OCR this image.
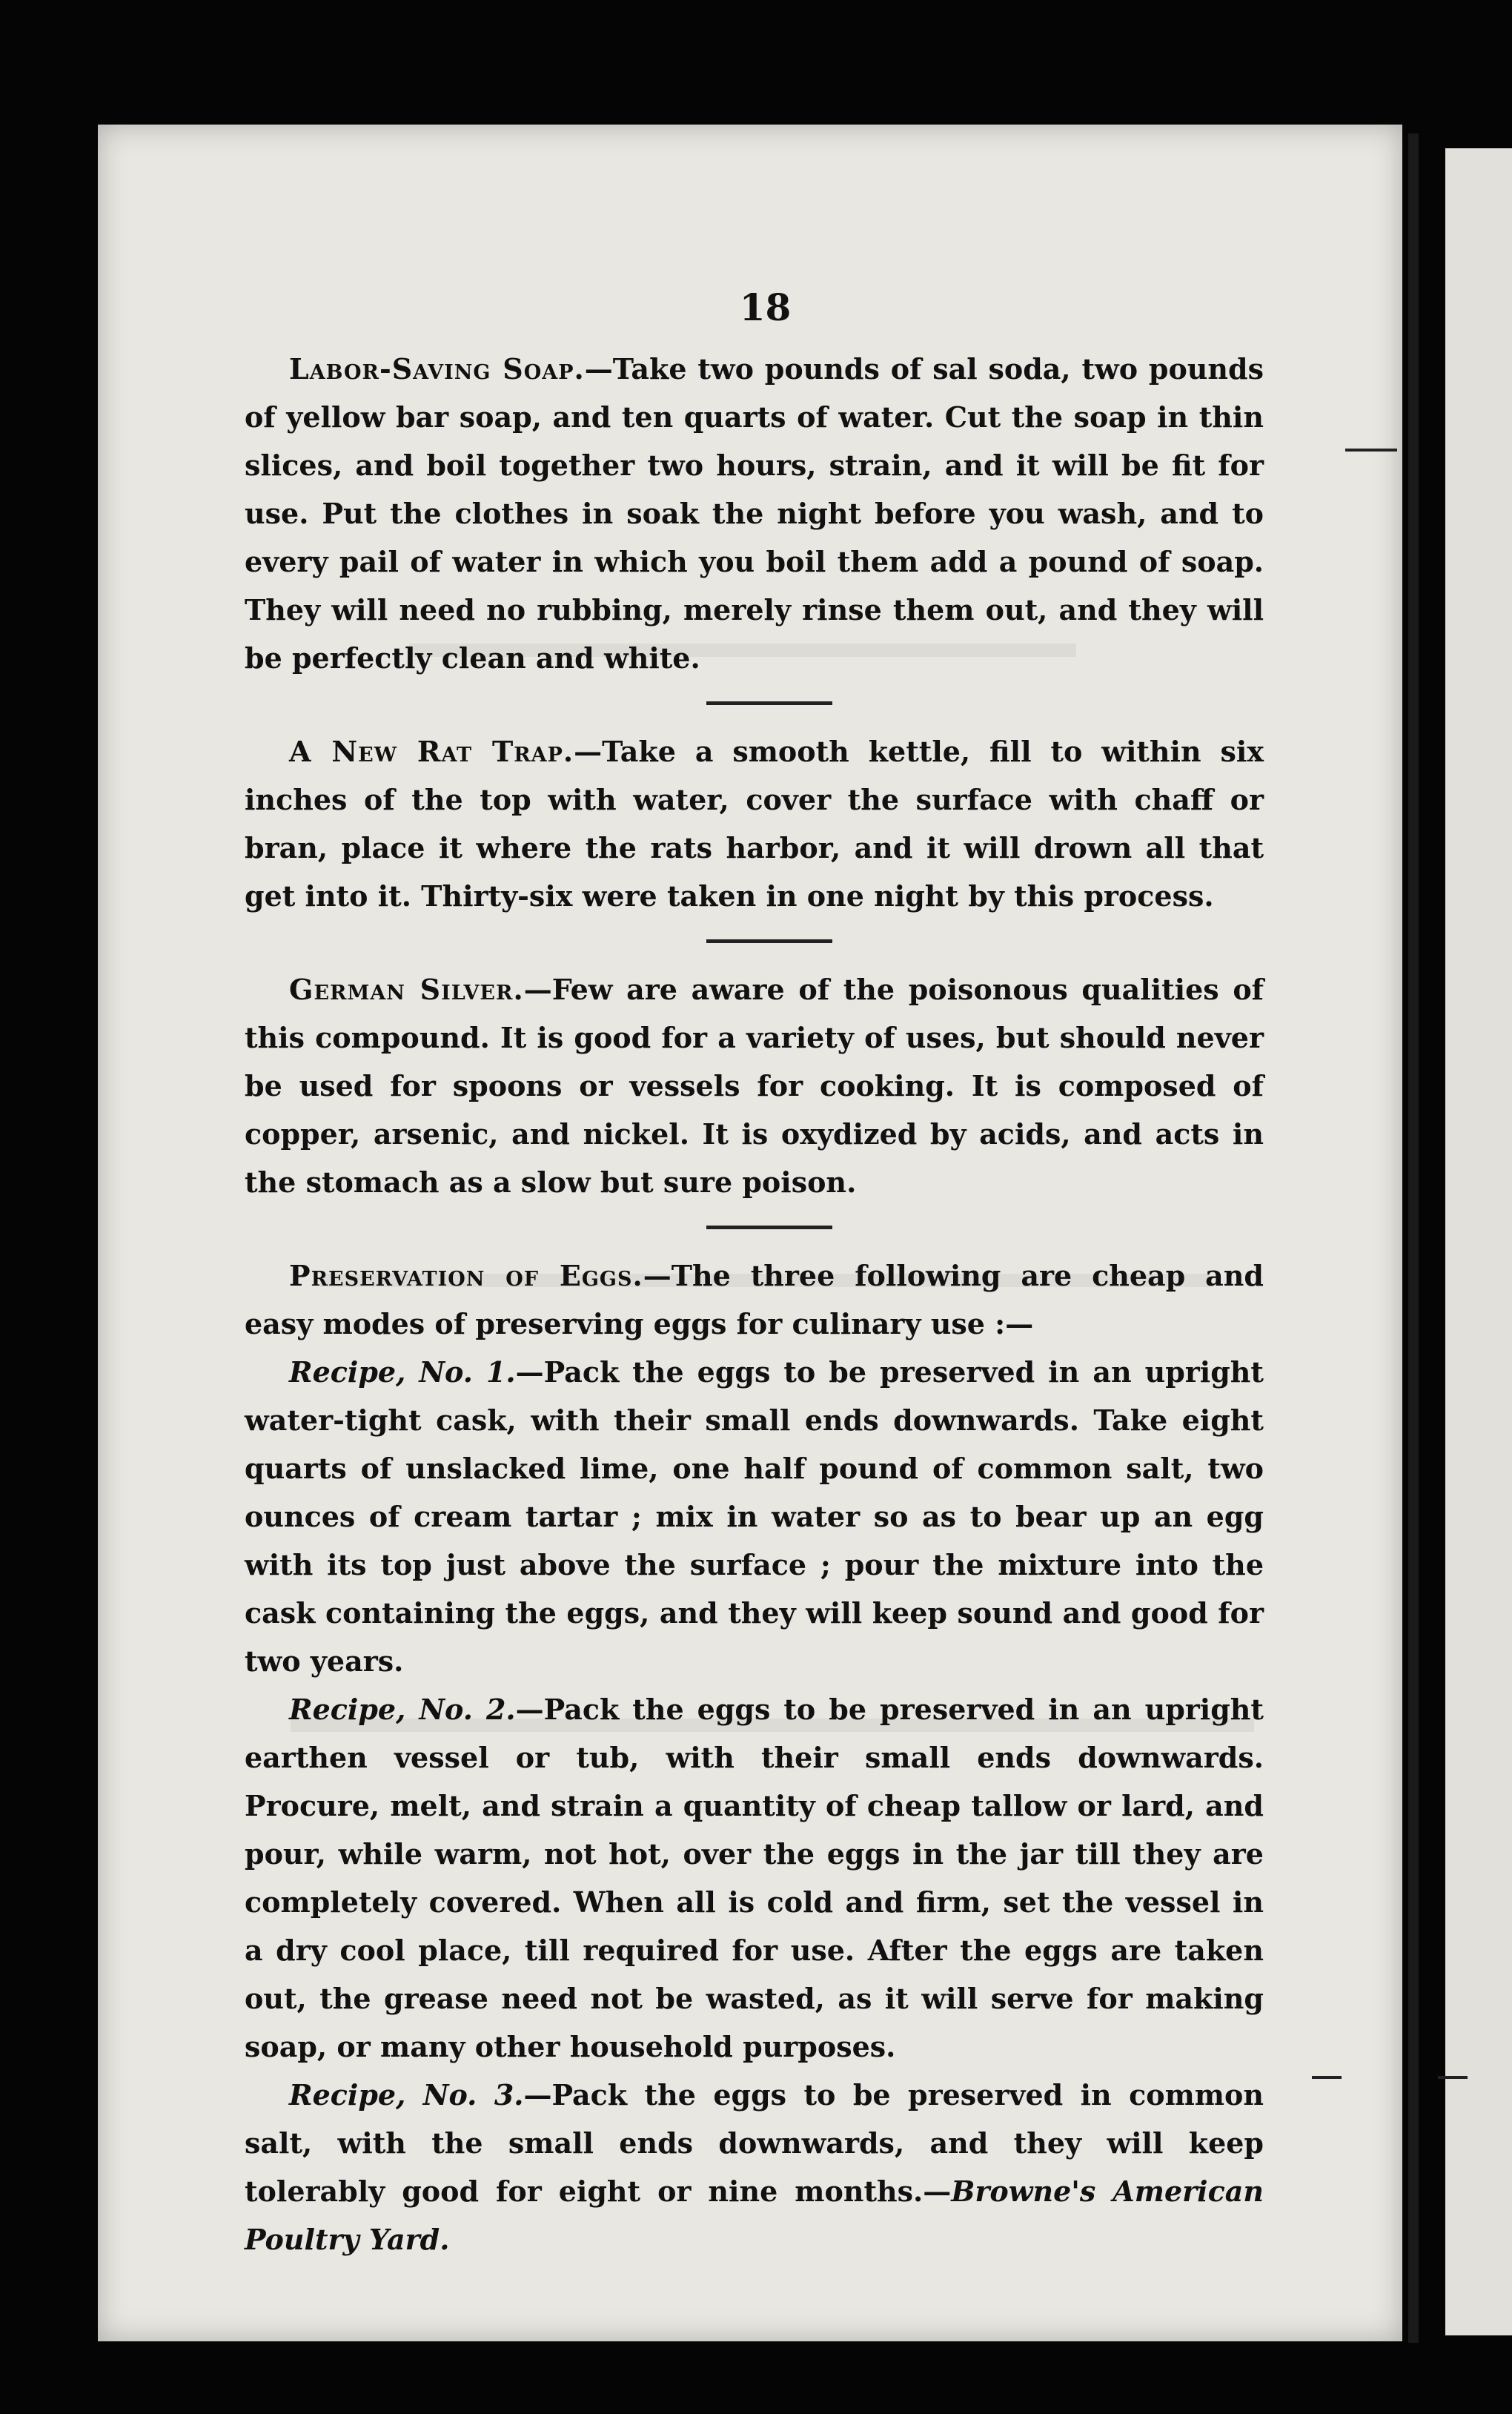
18

Labor-Saving Soap.—Take two pounds of sal soda, two pounds of yellow bar soap, and ten quarts of water. Cut the soap in thin slices, and boil together two hours, strain, and it will be fit for use. Put the clothes in soak the night before you wash, and to every pail of water in which you boil them add a pound of soap. They will need no rubbing, merely rinse them out, and they will be perfectly clean and white.

A New Rat Trap.—Take a smooth kettle, fill to within six inches of the top with water, cover the surface with chaff or bran, place it where the rats harbor, and it will drown all that get into it. Thirty-six were taken in one night by this process.

German Silver.—Few are aware of the poisonous qualities of this compound. It is good for a variety of uses, but should never be used for spoons or vessels for cooking. It is composed of copper, arsenic, and nickel. It is oxydized by acids, and acts in the stomach as a slow but sure poison.

Preservation of Eggs.—The three following are cheap and easy modes of preserving eggs for culinary use :—

Recipe, No. 1.—Pack the eggs to be preserved in an upright water-tight cask, with their small ends downwards. Take eight quarts of unslacked lime, one half pound of common salt, two ounces of cream tartar ; mix in water so as to bear up an egg with its top just above the surface ; pour the mixture into the cask containing the eggs, and they will keep sound and good for two years.

Recipe, No. 2.—Pack the eggs to be preserved in an upright earthen vessel or tub, with their small ends downwards. Procure, melt, and strain a quantity of cheap tallow or lard, and pour, while warm, not hot, over the eggs in the jar till they are completely covered. When all is cold and firm, set the vessel in a dry cool place, till required for use. After the eggs are taken out, the grease need not be wasted, as it will serve for making soap, or many other household purposes.

Recipe, No. 3.—Pack the eggs to be preserved in common salt, with the small ends downwards, and they will keep tolerably good for eight or nine months.—Browne's American Poultry Yard.
